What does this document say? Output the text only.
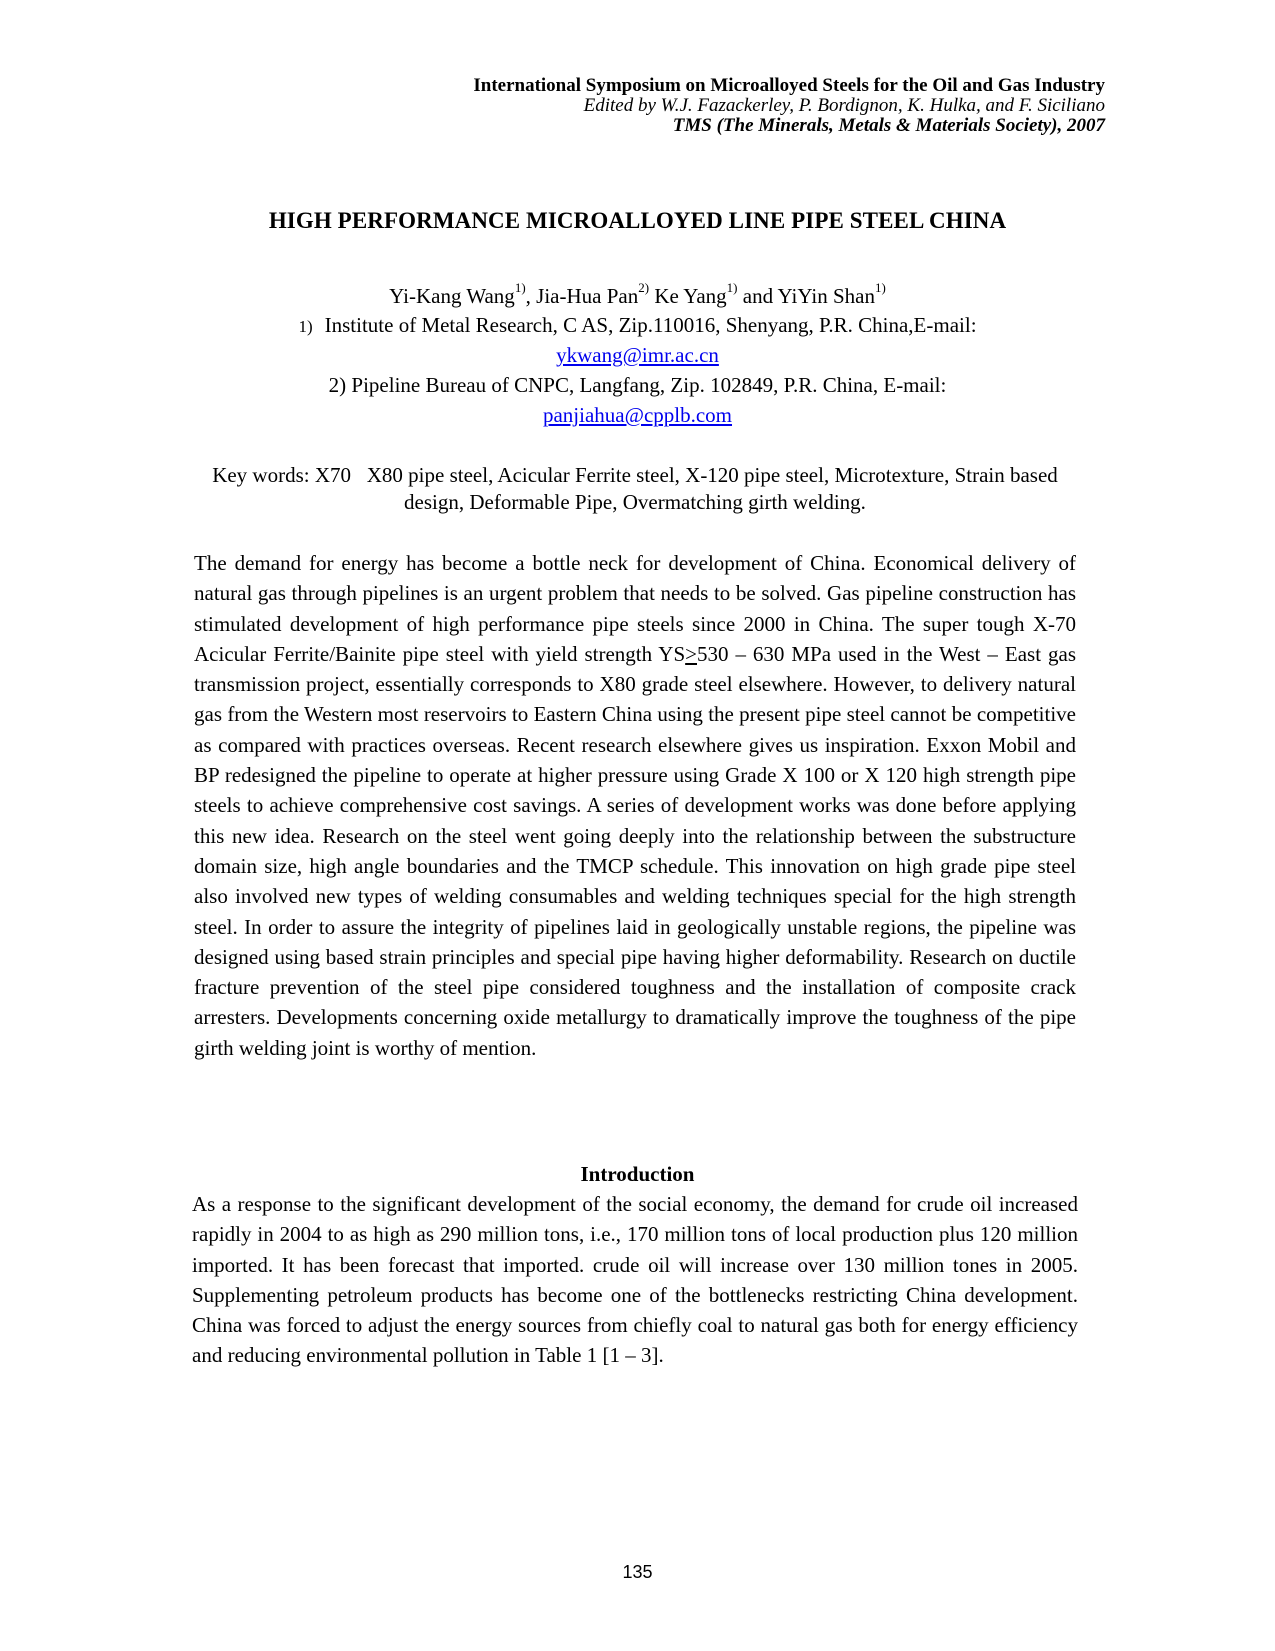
International Symposium on Microalloyed Steels for the Oil and Gas Industry
Edited by W.J. Fazackerley, P. Bordignon, K. Hulka, and F. Siciliano
TMS (The Minerals, Metals & Materials Society), 2007
HIGH PERFORMANCE MICROALLOYED LINE PIPE STEEL CHINA
Yi-Kang Wang$^{1)}$, Jia-Hua Pan$^{2)}$ Ke Yang$^{1)}$ and YiYin Shan$^{1)}$
1) Institute of Metal Research, C AS, Zip.110016, Shenyang, P.R. China,E-mail:
ykwang@imr.ac.cn
2) Pipeline Bureau of CNPC, Langfang, Zip. 102849, P.R. China, E-mail:
panjiahua@cpplb.com
Key words: X70   X80 pipe steel, Acicular Ferrite steel, X-120 pipe steel, Microtexture, Strain based design, Deformable Pipe, Overmatching girth welding.

The demand for energy has become a bottle neck for development of China. Economical delivery of natural gas through pipelines is an urgent problem that needs to be solved. Gas pipeline construction has stimulated development of high performance pipe steels since 2000 in China. The super tough X-70 Acicular Ferrite/Bainite pipe steel with yield strength YS≥530 – 630 MPa used in the West – East gas transmission project, essentially corresponds to X80 grade steel elsewhere. However, to delivery natural gas from the Western most reservoirs to Eastern China using the present pipe steel cannot be competitive as compared with practices overseas. Recent research elsewhere gives us inspiration. Exxon Mobil and BP redesigned the pipeline to operate at higher pressure using Grade X 100 or X 120 high strength pipe steels to achieve comprehensive cost savings. A series of development works was done before applying this new idea. Research on the steel went going deeply into the relationship between the substructure domain size, high angle boundaries and the TMCP schedule. This innovation on high grade pipe steel also involved new types of welding consumables and welding techniques special for the high strength steel. In order to assure the integrity of pipelines laid in geologically unstable regions, the pipeline was designed using based strain principles and special pipe having higher deformability. Research on ductile fracture prevention of the steel pipe considered toughness and the installation of composite crack arresters. Developments concerning oxide metallurgy to dramatically improve the toughness of the pipe girth welding joint is worthy of mention.

Introduction

As a response to the significant development of the social economy, the demand for crude oil increased rapidly in 2004 to as high as 290 million tons, i.e., 170 million tons of local production plus 120 million imported. It has been forecast that imported. crude oil will increase over 130 million tones in 2005. Supplementing petroleum products has become one of the bottlenecks restricting China development. China was forced to adjust the energy sources from chiefly coal to natural gas both for energy efficiency and reducing environmental pollution in Table 1 [1 – 3].

135
